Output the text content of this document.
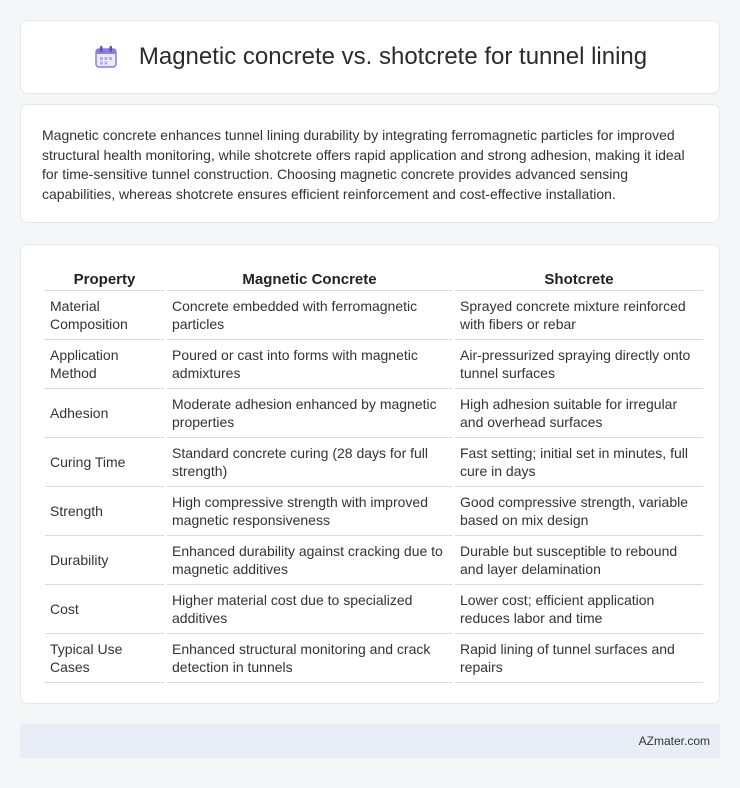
Magnetic concrete vs. shotcrete for tunnel lining

Magnetic concrete enhances tunnel lining durability by integrating ferromagnetic particles for improved structural health monitoring, while shotcrete offers rapid application and strong adhesion, making it ideal for time-sensitive tunnel construction. Choosing magnetic concrete provides advanced sensing capabilities, whereas shotcrete ensures efficient reinforcement and cost-effective installation.

Property	Magnetic Concrete	Shotcrete
Material Composition	Concrete embedded with ferromagnetic particles	Sprayed concrete mixture reinforced with fibers or rebar
Application Method	Poured or cast into forms with magnetic admixtures	Air-pressurized spraying directly onto tunnel surfaces
Adhesion	Moderate adhesion enhanced by magnetic properties	High adhesion suitable for irregular and overhead surfaces
Curing Time	Standard concrete curing (28 days for full strength)	Fast setting; initial set in minutes, full cure in days
Strength	High compressive strength with improved magnetic responsiveness	Good compressive strength, variable based on mix design
Durability	Enhanced durability against cracking due to magnetic additives	Durable but susceptible to rebound and layer delamination
Cost	Higher material cost due to specialized additives	Lower cost; efficient application reduces labor and time
Typical Use Cases	Enhanced structural monitoring and crack detection in tunnels	Rapid lining of tunnel surfaces and repairs
AZmater.com
